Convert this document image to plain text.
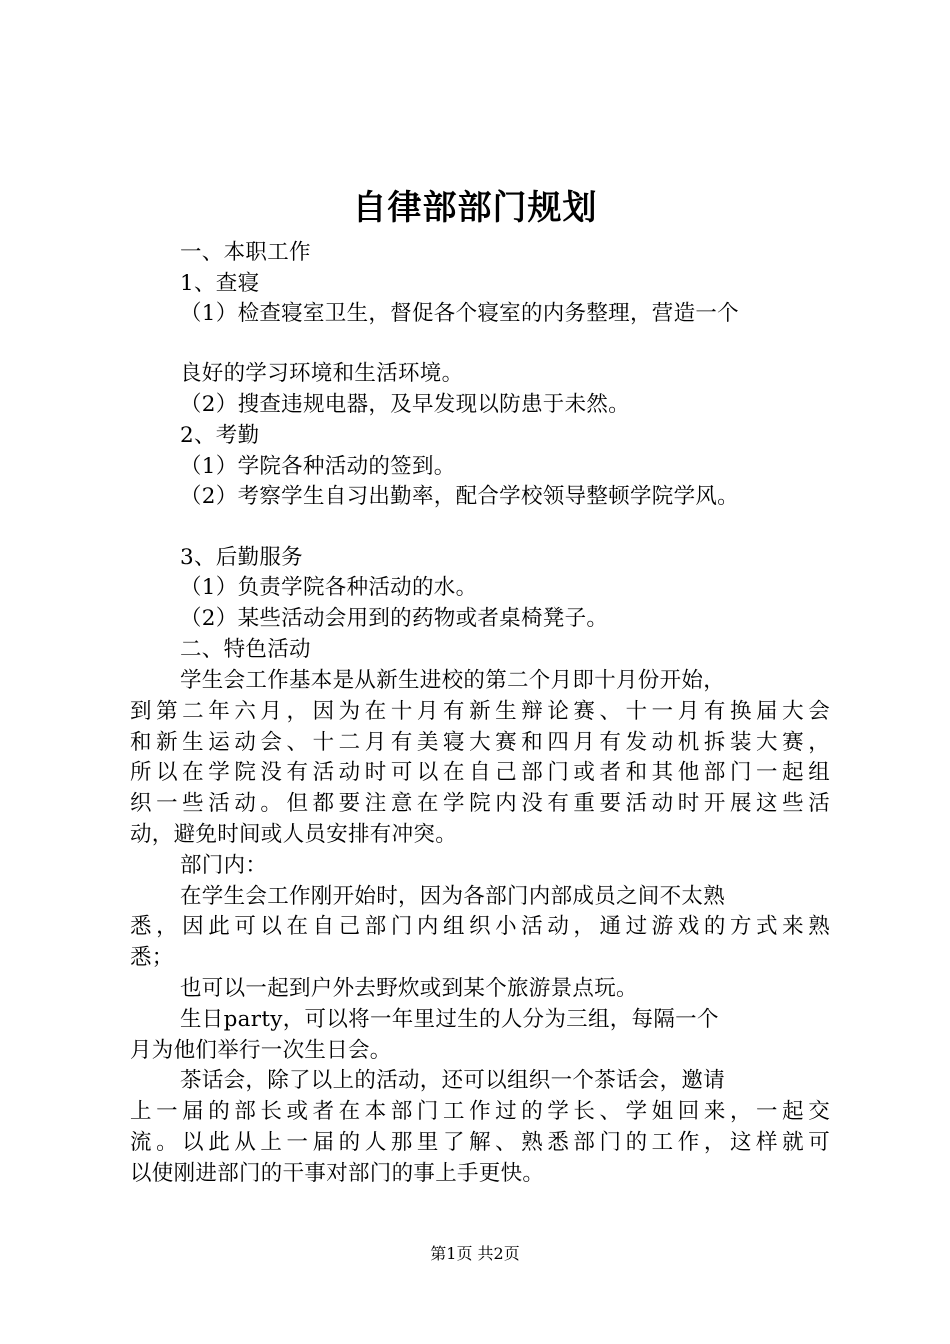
自律部部门规划
一、本职工作
1、查寝
（1）检查寝室卫生，督促各个寝室的内务整理，营造一个
良好的学习环境和生活环境。
（2）搜查违规电器，及早发现以防患于未然。
2、考勤
（1）学院各种活动的签到。
（2）考察学生自习出勤率，配合学校领导整顿学院学风。
3、后勤服务
（1）负责学院各种活动的水。
（2）某些活动会用到的药物或者桌椅凳子。
二、特色活动
学生会工作基本是从新生进校的第二个月即十月份开始，
到第二年六月，因为在十月有新生辩论赛、十一月有换届大会
和新生运动会、十二月有美寝大赛和四月有发动机拆装大赛，
所以在学院没有活动时可以在自己部门或者和其他部门一起组
织一些活动。但都要注意在学院内没有重要活动时开展这些活
动，避免时间或人员安排有冲突。
部门内：
在学生会工作刚开始时，因为各部门内部成员之间不太熟
悉，因此可以在自己部门内组织小活动，通过游戏的方式来熟
悉；
也可以一起到户外去野炊或到某个旅游景点玩。
生日party，可以将一年里过生的人分为三组，每隔一个
月为他们举行一次生日会。
茶话会，除了以上的活动，还可以组织一个茶话会，邀请
上一届的部长或者在本部门工作过的学长、学姐回来，一起交
流。以此从上一届的人那里了解、熟悉部门的工作，这样就可
以使刚进部门的干事对部门的事上手更快。
第1页 共2页
